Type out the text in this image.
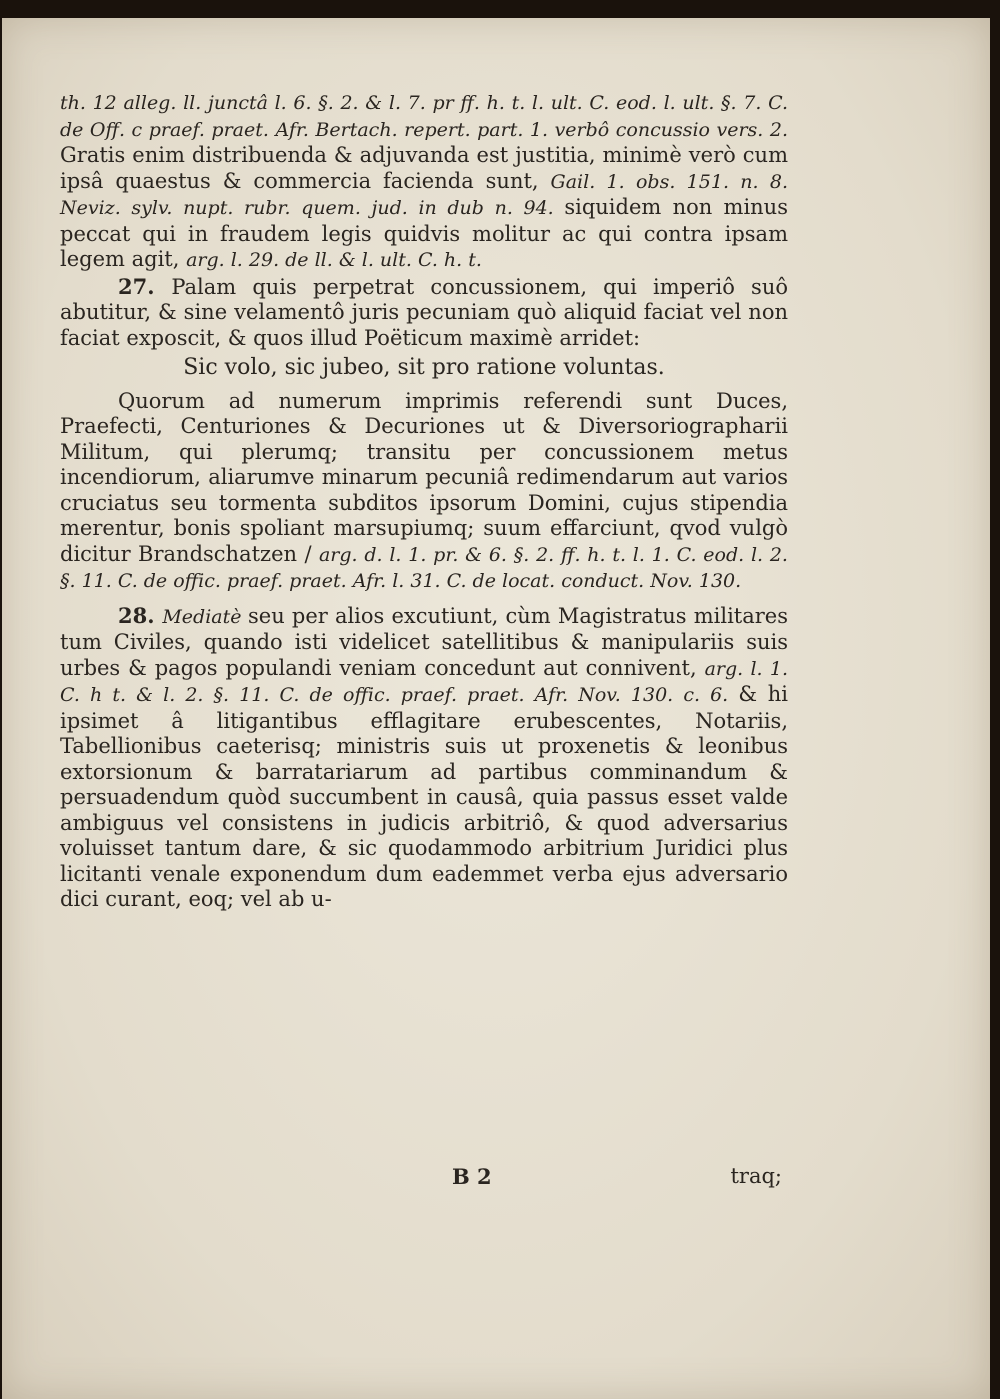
th. 12 alleg. ll. junctâ l. 6. §. 2. & l. 7. pr ff. h. t. l. ult. C. eod. l. ult. §. 7. C. de Off. c praef. praet. Afr. Bertach. repert. part. 1. verbô concussio vers. 2. Gratis enim distribuenda & adjuvanda est justitia, minimè verò cum ipsâ quaestus & commercia facienda sunt, Gail. 1. obs. 151. n. 8. Neviz. sylv. nupt. rubr. quem. jud. in dub n. 94. siquidem non minus peccat qui in fraudem legis quidvis molitur ac qui contra ipsam legem agit, arg. l. 29. de ll. & l. ult. C. h. t.

27. Palam quis perpetrat concussionem, qui imperiô suô abutitur, & sine velamentô juris pecuniam quò aliquid faciat vel non faciat exposcit, & quos illud Poëticum maximè arridet:

Sic volo, sic jubeo, sit pro ratione voluntas.

Quorum ad numerum imprimis referendi sunt Duces, Praefecti, Centuriones & Decuriones ut & Diversoriographarii Militum, qui plerumq; transitu per concussionem metus incendiorum, aliarumve minarum pecuniâ redimendarum aut varios cruciatus seu tormenta subditos ipsorum Domini, cujus stipendia merentur, bonis spoliant marsupiumq; suum effarciunt, qvod vulgò dicitur Brandschatzen / arg. d. l. 1. pr. & 6. §. 2. ff. h. t. l. 1. C. eod. l. 2. §. 11. C. de offic. praef. praet. Afr. l. 31. C. de locat. conduct. Nov. 130.

28. Mediatè seu per alios excutiunt, cùm Magistratus militares tum Civiles, quando isti videlicet satellitibus & manipulariis suis urbes & pagos populandi veniam concedunt aut connivent, arg. l. 1. C. h t. & l. 2. §. 11. C. de offic. praef. praet. Afr. Nov. 130. c. 6. & hi ipsimet â litigantibus efflagitare erubescentes, Notariis, Tabellionibus caeterisq; ministris suis ut proxenetis & leonibus extorsionum & barratariarum ad partibus comminandum & persuadendum quòd succumbent in causâ, quia passus esset valde ambiguus vel consistens in judicis arbitriô, & quod adversarius voluisset tantum dare, & sic quodammodo arbitrium Juridici plus licitanti venale exponendum dum eademmet verba ejus adversario dici curant, eoq; vel ab u-

B 2	traq;
